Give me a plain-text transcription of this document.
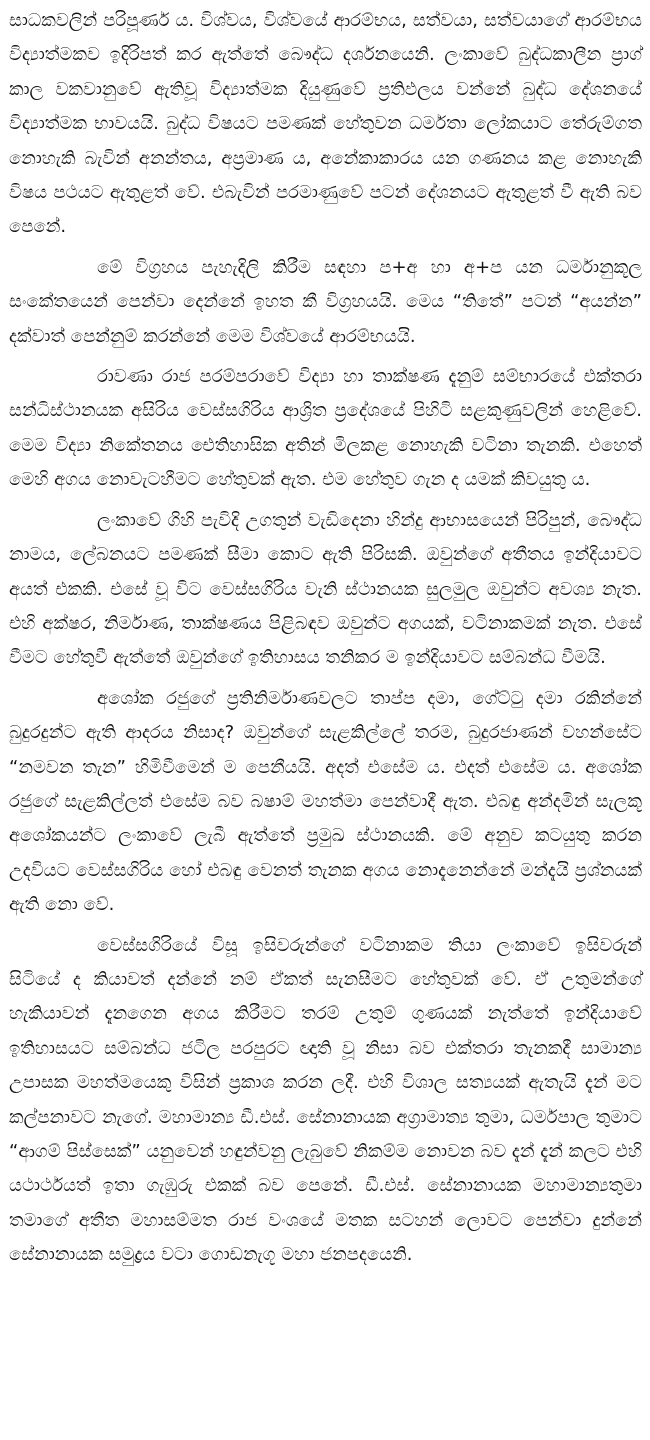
සාධකවලින් පරිපූර්ණ ය. විශ්වය, විශ්වයේ ආරම්භය, සත්වයා, සත්වයාගේ ආරම්භය විද්‍යාත්මකව ඉදිරිපත් කර ඇත්තේ බෞද්ධ දර්ශනයෙනි. ලංකාවේ බුද්ධකාලීන ප්‍රාග් කාල වකවානුවේ ඇතිවූ විද්‍යාත්මක දියුණුවේ ප්‍රතිඵලය වන්නේ බුද්ධ දේශනයේ විද්‍යාත්මක භාවයයි. බුද්ධ විෂයට පමණක් හේතුවන ධර්මතා ලෝකයාට තේරුම්ගත නොහැකි බැවින් අනන්තය, අප්‍රමාණ ය, අනේකාකාරය යන ගණනය කළ නොහැකි විෂය පථයට ඇතුළත් වේ. එබැවින් පරමාණුවේ පටන් දේශනයට ඇතුළත් වී ඇති බව පෙනේ.

මේ විග්‍රහය පැහැදිලි කිරීම සඳහා ප+අ හා අ+ප යන ධර්මානුකූල සංකේතයෙන් පෙන්වා දෙන්නේ ඉහත කී විග්‍රහයයි. මෙය “තිතේ” පටන් “අයන්න” දක්වාත් පෙන්නුම් කරන්නේ මෙම විශ්වයේ ආරම්භයයි.

රාවණා රාජ පරම්පරාවේ විද්‍යා හා තාක්ෂණ දැනුම් සම්භාරයේ එක්තරා සන්ධිස්ථානයක අසිරිය වෙස්සගිරිය ආශ්‍රිත ප්‍රදේශයේ පිහිටි සළකුණුවලින් හෙළිවේ. මෙම විද්‍යා නිකේතනය ඓතිහාසික අතින් මිලකළ නොහැකි වටිනා තැනකි. එහෙත් මෙහි අගය නොවැටහීමට හේතුවක් ඇත. එම හේතුව ගැන ද යමක් කිවයුතු ය.

ලංකාවේ ගිහි පැවිදි උගතුන් වැඩිදෙනා හින්දු ආභාසයෙන් පිරිපුන්, බෞද්ධ නාමය, ලේබනයට පමණක් සීමා කොට ඇති පිරිසකි. ඔවුන්ගේ අතීතය ඉන්දියාවට අයත් එකකි. එසේ වූ විට වෙස්සගිරිය වැනි ස්ථානයක සුලමුල ඔවුන්ට අවශ්‍ය නැත. එහි අක්ෂර, නිර්මාණ, තාක්ෂණය පිළිබඳව ඔවුන්ට අගයක්, වටිනාකමක් නැත. එසේ වීමට හේතුවී ඇත්තේ ඔවුන්ගේ ඉතිහාසය තනිකර ම ඉන්දියාවට සම්බන්ධ වීමයි.

අශෝක රජුගේ ප්‍රතිනිර්මාණවලට තාප්ප දමා, ගේට්ටු දමා රකින්නේ බුදුරදුන්ට ඇති ආදරය නිසාද? ඔවුන්ගේ සැළකිල්ලේ තරම, බුදුරජාණන් වහන්සේට “නමවන තැන” හිමිවීමෙන් ම පෙනීයයි. අදත් එසේම ය. එදත් එසේම ය. අශෝක රජුගේ සැළකිල්ලත් එසේම බව බෂාම් මහත්මා පෙන්වාදී ඇත. එබඳු අන්දමින් සැලකූ අශෝකයන්ට ලංකාවේ ලැබී ඇත්තේ ප්‍රමුඛ ස්ථානයකි. මේ අනුව කටයුතු කරන උදවියට වෙස්සගිරිය හෝ එබඳු වෙනත් තැනක අගය නොදැනෙන්නේ මන්දැයි ප්‍රශ්නයක් ඇති නො වේ.

වෙස්සගිරියේ විසූ ඉසිවරුන්ගේ වටිනාකම තියා ලංකාවේ ඉසිවරුන් සිටියේ ද කියාවත් දන්නේ නම් ඒකත් සැනසීමට හේතුවක් වේ. ඒ උතුමන්ගේ හැකියාවන් දැනගෙන අගය කිරීමට තරම් උතුම් ගුණයක් නැත්තේ ඉන්දියාවේ ඉතිහාසයට සම්බන්ධ ජටිල පරපුරට ඥාති වූ නිසා බව එක්තරා තැනකදී සාමාන්‍ය උපාසක මහත්මයෙකු විසින් ප්‍රකාශ කරන ලදී. එහි විශාල සත්‍යයක් ඇතැයි දැන් මට කල්පනාවට නැගේ. මහාමාන්‍ය ඩී.එස්. සේනානායක අග්‍රාමාත්‍ය තුමා, ධර්මපාල තුමාට “ආගම් පිස්සෙක්” යනුවෙන් හඳුන්වනු ලැබුවේ නිකම්ම නොවන බව දැන් දැන් කලට එහි යථාර්ථයත් ඉතා ගැඹුරු එකක් බව පෙනේ. ඩී.එස්. සේනානායක මහාමාන්‍යතුමා තමාගේ අතීත මහාසම්මත රාජ වංශයේ මතක සටහන් ලොවට පෙන්වා දුන්නේ සේනානායක සමුද්‍රය වටා ගොඩනැගූ මහා ජනපදයෙනි.
